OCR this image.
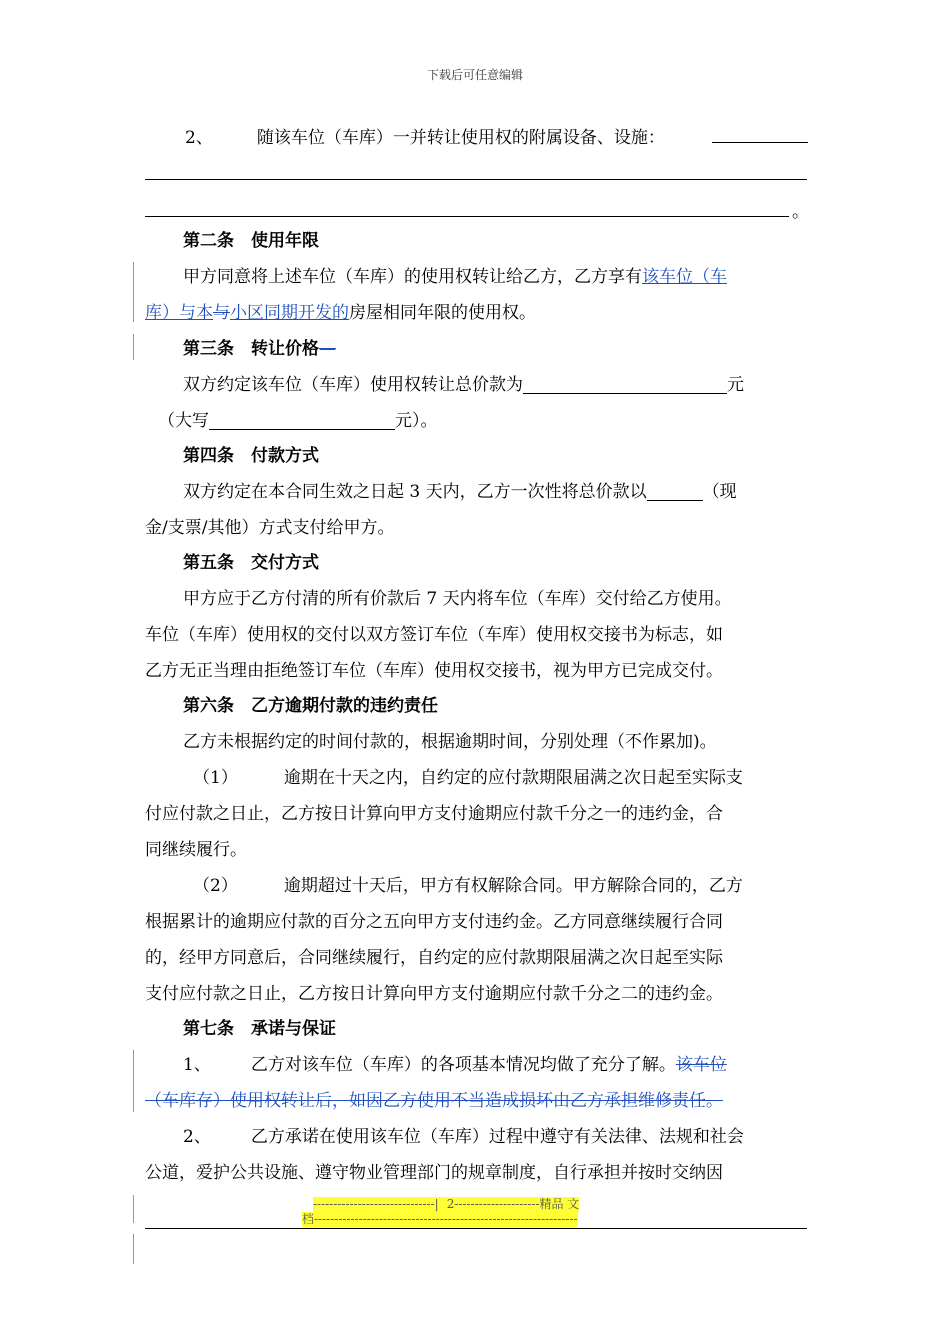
下载后可任意编辑
2、	随该车位（车库）一并转让使用权的附属设备、设施：
。
第二条　使用年限
甲方同意将上述车位（车库）的使用权转让给乙方，乙方享有该车位（车
库）与本与小区同期开发的房屋相同年限的使用权。
第三条　转让价格—
双方约定该车位（车库）使用权转让总价款为	元
（大写	元）。
第四条　付款方式
双方约定在本合同生效之日起 3 天内，乙方一次性将总价款以	（现
金/支票/其他）方式支付给甲方。
第五条　交付方式
甲方应于乙方付清的所有价款后 7 天内将车位（车库）交付给乙方使用。
车位（车库）使用权的交付以双方签订车位（车库）使用权交接书为标志，如
乙方无正当理由拒绝签订车位（车库）使用权交接书，视为甲方已完成交付。
第六条　乙方逾期付款的违约责任
乙方未根据约定的时间付款的，根据逾期时间，分别处理（不作累加)。
（1）	逾期在十天之内，自约定的应付款期限届满之次日起至实际支
付应付款之日止，乙方按日计算向甲方支付逾期应付款千分之一的违约金，合
同继续履行。
（2）	逾期超过十天后，甲方有权解除合同。甲方解除合同的，乙方
根据累计的逾期应付款的百分之五向甲方支付违约金。乙方同意继续履行合同
的，经甲方同意后，合同继续履行，自约定的应付款期限届满之次日起至实际
支付应付款之日止，乙方按日计算向甲方支付逾期应付款千分之二的违约金。
第七条　承诺与保证
1、 乙方对该车位（车库）的各项基本情况均做了充分了解。该车位
（车库存）使用权转让后，如因乙方使用不当造成损坏由乙方承担维修责任。
2、 乙方承诺在使用该车位（车库）过程中遵守有关法律、法规和社会
公道，爱护公共设施、遵守物业管理部门的规章制度，自行承担并按时交纳因
------------------------------| 2---------------------精品 文
档-----------------------------------------------------------------
